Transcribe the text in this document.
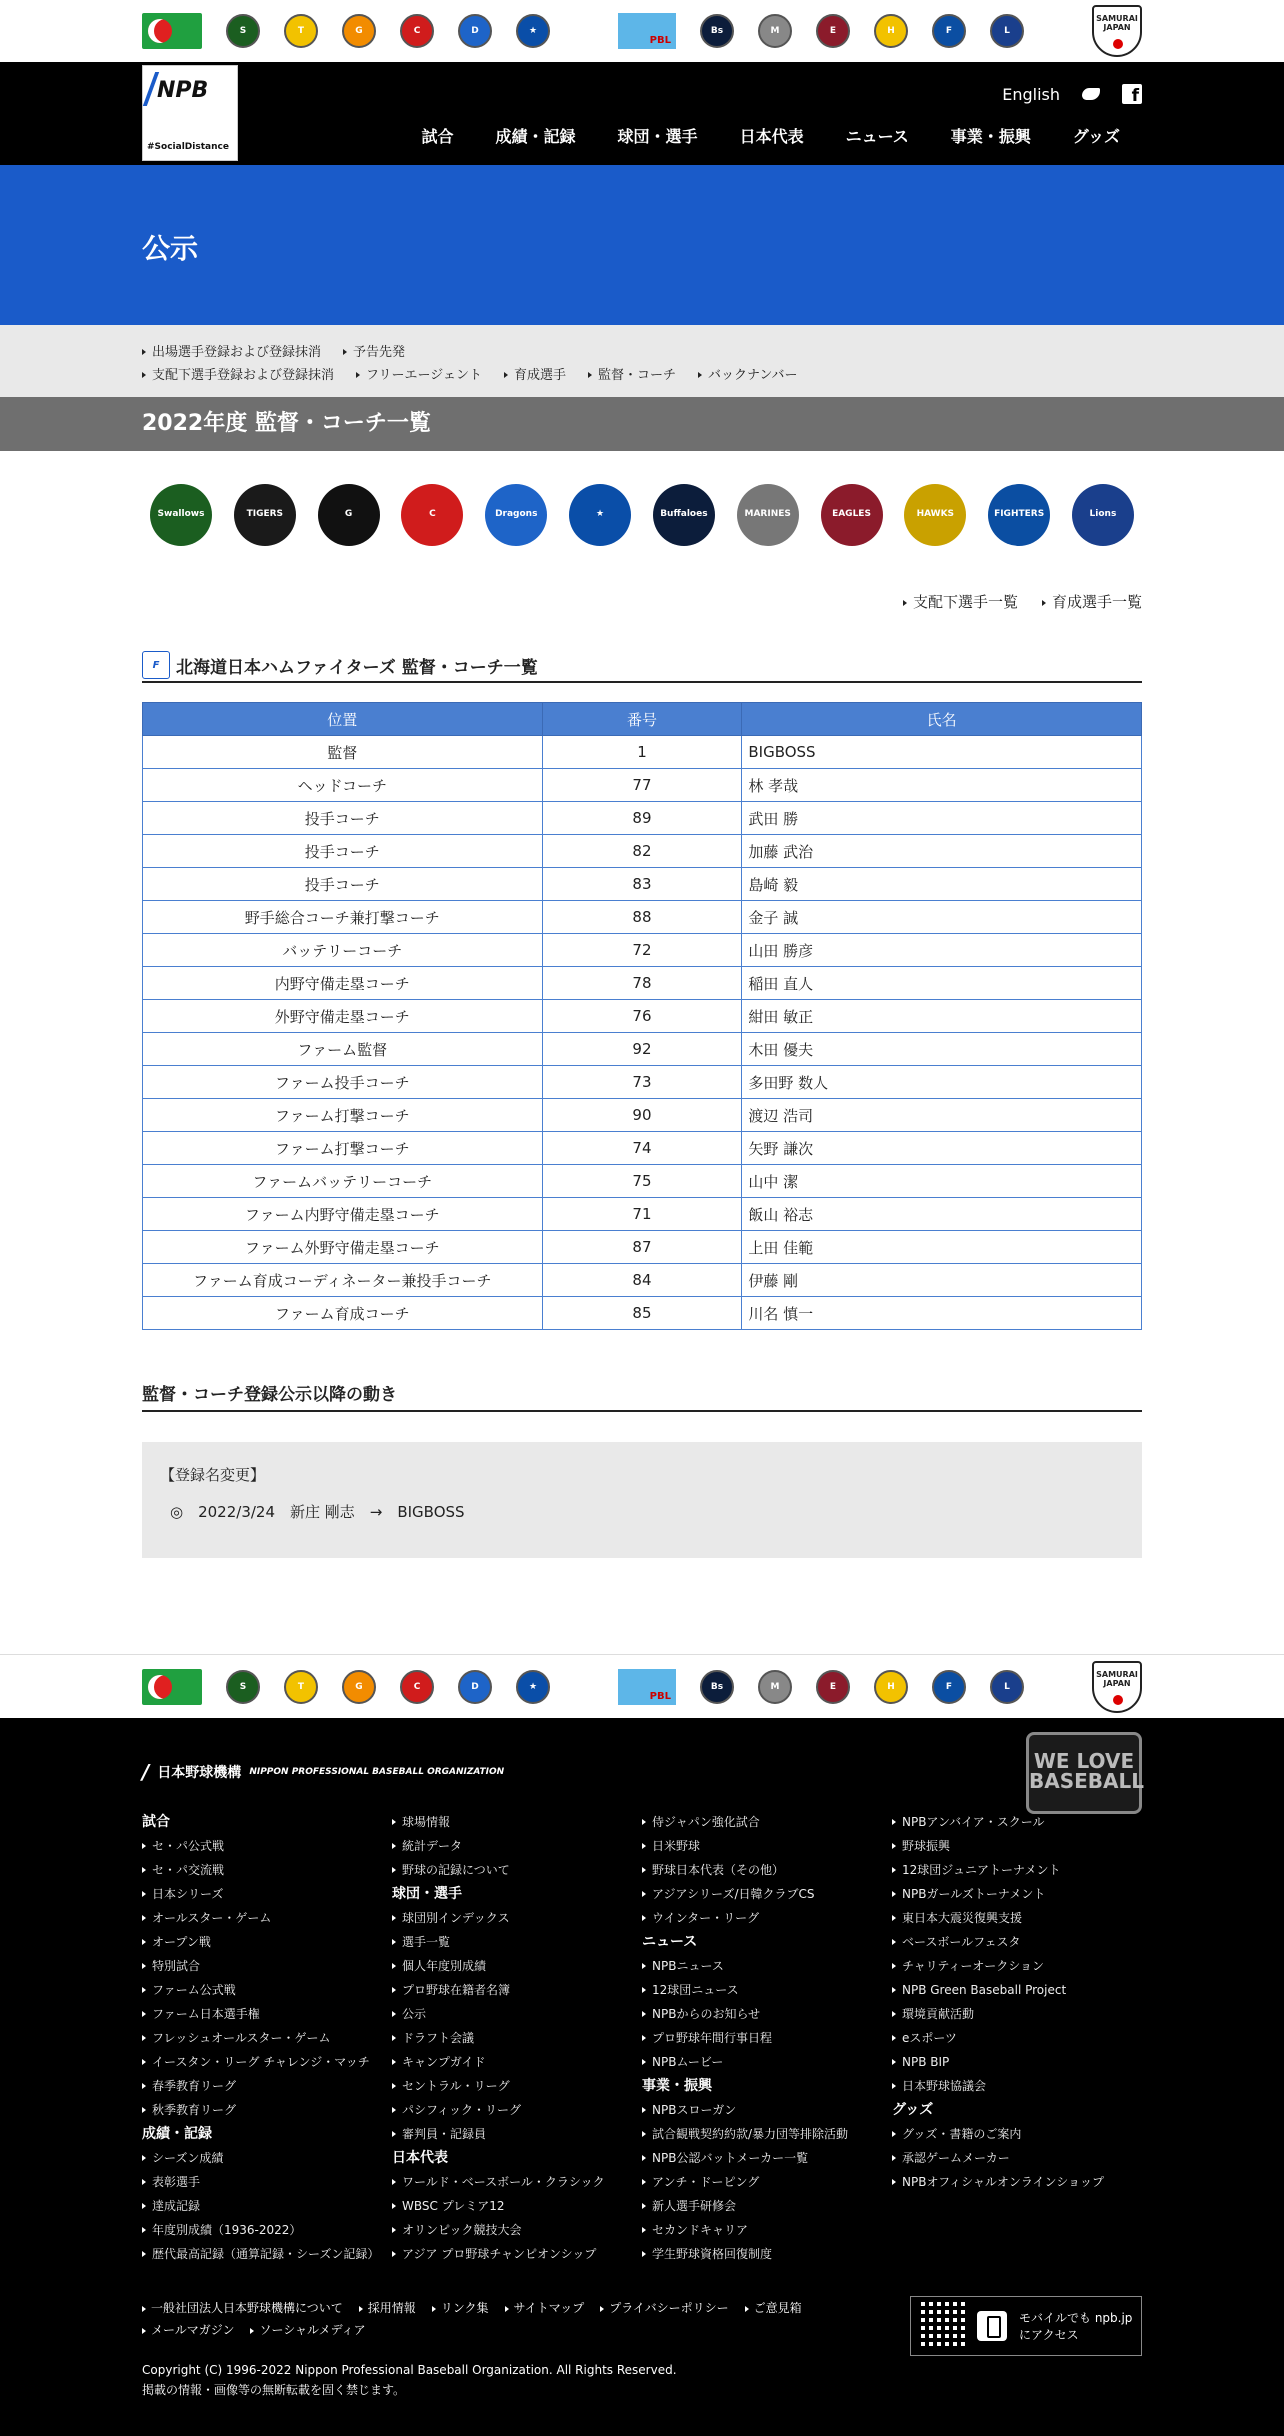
S	T	G	C	D	★
PBL
Bs	M	E	H	F	L
SAMURAI JAPAN
NPB
#SocialDistance
English
f
試合	成績・記録	球団・選手	日本代表	ニュース	事業・振興	グッズ
公示
出場選手登録および登録抹消	予告先発
支配下選手登録および登録抹消	フリーエージェント	育成選手	監督・コーチ	バックナンバー
2022年度 監督・コーチ一覧
Swallows	TIGERS	G	C	Dragons	★	Buffaloes	MARINES	EAGLES	HAWKS	FIGHTERS	Lions
支配下選手一覧	育成選手一覧
F 北海道日本ハムファイターズ 監督・コーチ一覧
位置	番号	氏名
監督	1	BIGBOSS
ヘッドコーチ	77	林 孝哉
投手コーチ	89	武田 勝
投手コーチ	82	加藤 武治
投手コーチ	83	島崎 毅
野手総合コーチ兼打撃コーチ	88	金子 誠
バッテリーコーチ	72	山田 勝彦
内野守備走塁コーチ	78	稲田 直人
外野守備走塁コーチ	76	紺田 敏正
ファーム監督	92	木田 優夫
ファーム投手コーチ	73	多田野 数人
ファーム打撃コーチ	90	渡辺 浩司
ファーム打撃コーチ	74	矢野 謙次
ファームバッテリーコーチ	75	山中 潔
ファーム内野守備走塁コーチ	71	飯山 裕志
ファーム外野守備走塁コーチ	87	上田 佳範
ファーム育成コーディネーター兼投手コーチ	84	伊藤 剛
ファーム育成コーチ	85	川名 慎一
監督・コーチ登録公示以降の動き
【登録名変更】
◎　2022/3/24　新庄 剛志　→　BIGBOSS
S	T	G	C	D	★
PBL
Bs	M	E	H	F	L
SAMURAI JAPAN
/ 日本野球機構 NIPPON PROFESSIONAL BASEBALL ORGANIZATION	WE LOVE BASEBALL
試合
セ・パ公式戦
セ・パ交流戦
日本シリーズ
オールスター・ゲーム
オープン戦
特別試合
ファーム公式戦
ファーム日本選手権
フレッシュオールスター・ゲーム
イースタン・リーグ チャレンジ・マッチ
春季教育リーグ
秋季教育リーグ
成績・記録
シーズン成績
表彰選手
達成記録
年度別成績（1936-2022）
歴代最高記録（通算記録・シーズン記録）
球場情報
統計データ
野球の記録について
球団・選手
球団別インデックス
選手一覧
個人年度別成績
プロ野球在籍者名簿
公示
ドラフト会議
キャンプガイド
セントラル・リーグ
パシフィック・リーグ
審判員・記録員
日本代表
ワールド・ベースボール・クラシック
WBSC プレミア12
オリンピック競技大会
アジア プロ野球チャンピオンシップ
侍ジャパン強化試合
日米野球
野球日本代表（その他）
アジアシリーズ/日韓クラブCS
ウインター・リーグ
ニュース
NPBニュース
12球団ニュース
NPBからのお知らせ
プロ野球年間行事日程
NPBムービー
事業・振興
NPBスローガン
試合観戦契約約款/暴力団等排除活動
NPB公認バットメーカー一覧
アンチ・ドーピング
新人選手研修会
セカンドキャリア
学生野球資格回復制度
NPBアンバイア・スクール
野球振興
12球団ジュニアトーナメント
NPBガールズトーナメント
東日本大震災復興支援
ベースボールフェスタ
チャリティーオークション
NPB Green Baseball Project
環境貢献活動
eスポーツ
NPB BIP
日本野球協議会
グッズ
グッズ・書籍のご案内
承認ゲームメーカー
NPBオフィシャルオンラインショップ
一般社団法人日本野球機構について	採用情報	リンク集	サイトマップ	プライバシーポリシー	ご意見箱
メールマガジン	ソーシャルメディア
Copyright (C) 1996-2022 Nippon Professional Baseball Organization. All Rights Reserved.
掲載の情報・画像等の無断転載を固く禁じます。
モバイルでも npb.jp
にアクセス
